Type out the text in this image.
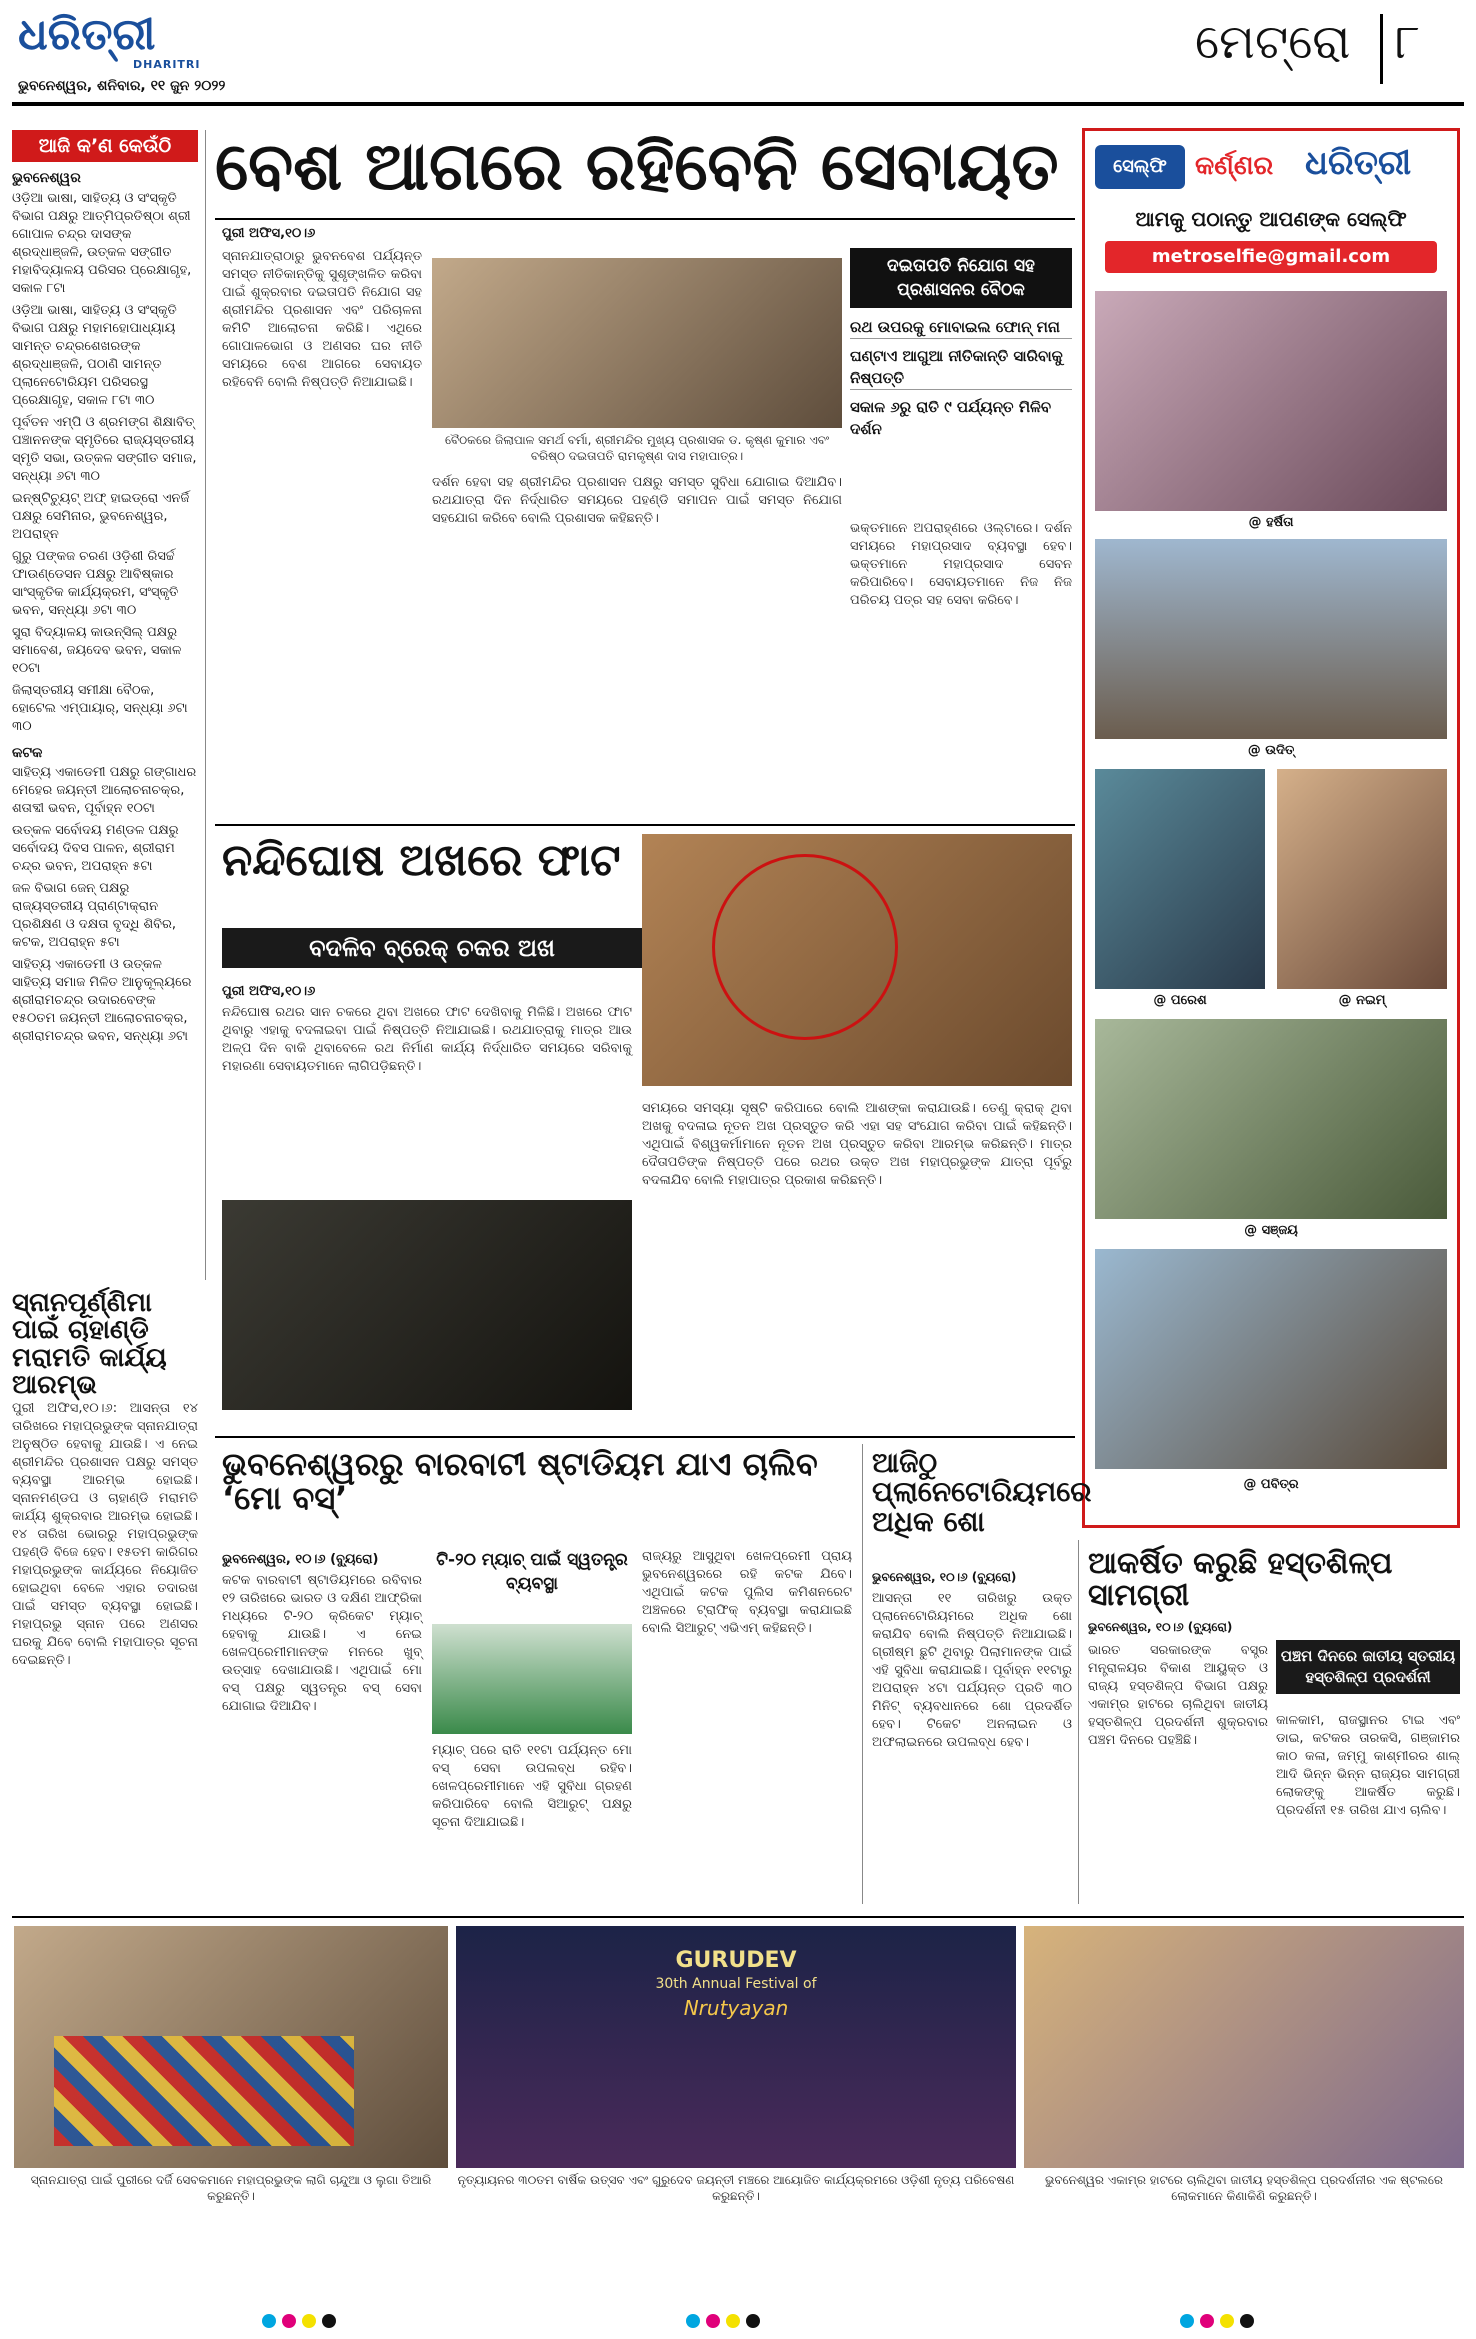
ଧରିତ୍ରୀ
DHARITRI
ଭୁବନେଶ୍ୱର, ଶନିବାର, ୧୧ ଜୁନ ୨୦୨୨
ମେଟ୍ରୋ ୮
ଆଜି କ’ଣ କେଉଁଠି
ଭୁବନେଶ୍ୱର
ଓଡ଼ିଆ ଭାଷା, ସାହିତ୍ୟ ଓ ସଂସ୍କୃତି ବିଭାଗ ପକ୍ଷରୁ ଆତ୍ମିପ୍ରତିଷ୍ଠା ଶ୍ରୀ ଗୋପାଳ ଚନ୍ଦ୍ର ଦାସଙ୍କ ଶ୍ରଦ୍ଧାଞ୍ଜଳି, ଉତ୍କଳ ସଙ୍ଗୀତ ମହାବିଦ୍ୟାଳୟ ପରିସର ପ୍ରେକ୍ଷାଗୃହ, ସକାଳ ୮ଟା
ଓଡ଼ିଆ ଭାଷା, ସାହିତ୍ୟ ଓ ସଂସ୍କୃତି ବିଭାଗ ପକ୍ଷରୁ ମହାମହୋପାଧ୍ୟାୟ ସାମନ୍ତ ଚନ୍ଦ୍ରଶେଖରଙ୍କ ଶ୍ରଦ୍ଧାଞ୍ଜଳି, ପଠାଣି ସାମନ୍ତ ପ୍ଲାନେଟୋରିୟମ ପରିସରସ୍ଥ ପ୍ରେକ୍ଷାଗୃହ, ସକାଳ ୮ଟା ୩୦
ପୂର୍ବତନ ଏମ୍‌ପି ଓ ଶ୍ରମଙ୍ଗ ଶିକ୍ଷାବିତ୍ ପଞ୍ଚାନନଙ୍କ ସ୍ମୃତିରେ ରାଜ୍ୟସ୍ତରୀୟ ସ୍ମୃତି ସଭା, ଉତ୍କଳ ସଙ୍ଗୀତ ସମାଜ, ସନ୍ଧ୍ୟା ୬ଟା ୩୦
ଇନ୍‌ଷ୍ଟିଚ୍ୟୁଟ୍ ଅଫ୍ ହାଇଡ୍ରୋ ଏନର୍ଜି ପକ୍ଷରୁ ସେମିନାର, ଭୁବନେଶ୍ୱର, ଅପରାହ୍ନ
ଗୁରୁ ପଙ୍କଜ ଚରଣ ଓଡ଼ିଶୀ ରିସର୍ଚ୍ଚ ଫାଉଣ୍ଡେସନ ପକ୍ଷରୁ ଆବିଷ୍କାର ସାଂସ୍କୃତିକ କାର୍ଯ୍ୟକ୍ରମ, ସଂସ୍କୃତି ଭବନ, ସନ୍ଧ୍ୟା ୬ଟା ୩୦
ସୁରା ବିଦ୍ୟାଳୟ କାଉନ୍‌ସିଲ୍ ପକ୍ଷରୁ ସମାବେଶ, ଜୟଦେବ ଭବନ, ସକାଳ ୧୦ଟା
ଜିଲାସ୍ତରୀୟ ସମୀକ୍ଷା ବୈଠକ, ହୋଟେଲ ଏମ୍ପାୟାର୍, ସନ୍ଧ୍ୟା ୬ଟା ୩୦
କଟକ
ସାହିତ୍ୟ ଏକାଡେମୀ ପକ୍ଷରୁ ଗଙ୍ଗାଧର ମେହେର ଜୟନ୍ତୀ ଆଲୋଚନାଚକ୍ର, ଶତାବ୍ଦୀ ଭବନ, ପୂର୍ବାହ୍ନ ୧୦ଟା
ଉତ୍କଳ ସର୍ବୋଦୟ ମଣ୍ଡଳ ପକ୍ଷରୁ ସର୍ବୋଦୟ ଦିବସ ପାଳନ, ଶ୍ରୀରାମ ଚନ୍ଦ୍ର ଭବନ, ଅପରାହ୍ନ ୫ଟା
ଜଳ ବିଭାଗ ଜେନ୍ ପକ୍ଷରୁ ରାଜ୍ୟସ୍ତରୀୟ ପ୍ରାଣ୍ଟାକ୍ରାନ ପ୍ରଶିକ୍ଷଣ ଓ ଦକ୍ଷତା ବୃଦ୍ଧି ଶିବିର, କଟକ, ଅପରାହ୍ନ ୫ଟା
ସାହିତ୍ୟ ଏକାଡେମୀ ଓ ଉତ୍କଳ ସାହିତ୍ୟ ସମାଜ ମିଳିତ ଆନୁକୂଲ୍ୟରେ ଶ୍ରୀରାମଚନ୍ଦ୍ର ଉଦାରବେଙ୍କ ୧୫୦ତମ ଜୟନ୍ତୀ ଆଲୋଚନାଚକ୍ର, ଶ୍ରୀରାମଚନ୍ଦ୍ର ଭବନ, ସନ୍ଧ୍ୟା ୬ଟା
ସ୍ନାନପୂର୍ଣ୍ଣିମା ପାଇଁ ଚାହାଣ୍ଡି ମରାମତି କାର୍ଯ୍ୟ ଆରମ୍ଭ
ପୁରୀ ଅଫିସ,୧୦।୬: ଆସନ୍ତା ୧୪ ତାରିଖରେ ମହାପ୍ରଭୁଙ୍କ ସ୍ନାନଯାତ୍ରା ଅନୁଷ୍ଠିତ ହେବାକୁ ଯାଉଛି। ଏ ନେଇ ଶ୍ରୀମନ୍ଦିର ପ୍ରଶାସନ ପକ୍ଷରୁ ସମସ୍ତ ବ୍ୟବସ୍ଥା ଆରମ୍ଭ ହୋଇଛି। ସ୍ନାନମଣ୍ଡପ ଓ ଚାହାଣ୍ଡି ମରାମତି କାର୍ଯ୍ୟ ଶୁକ୍ରବାର ଆରମ୍ଭ ହୋଇଛି। ୧୪ ତାରିଖ ଭୋରରୁ ମହାପ୍ରଭୁଙ୍କ ପହଣ୍ଡି ବିଜେ ହେବ। ୧୫ତମ କାରିଗର ମହାପ୍ରଭୁଙ୍କ କାର୍ଯ୍ୟରେ ନିୟୋଜିତ ହୋଇଥିବା ବେଳେ ଏହାର ତଦାରଖ ପାଇଁ ସମସ୍ତ ବ୍ୟବସ୍ଥା ହୋଇଛି। ମହାପ୍ରଭୁ ସ୍ନାନ ପରେ ଅଣସର ଘରକୁ ଯିବେ ବୋଲି ମହାପାତ୍ର ସୂଚନା ଦେଇଛନ୍ତି।
ବେଶ ଆଗରେ ରହିବେନି ସେବାୟତ
ପୁରୀ ଅଫିସ,୧୦।୬
ସ୍ନାନଯାତ୍ରାଠାରୁ ଭୁବନବେଶ ପର୍ଯ୍ୟନ୍ତ ସମସ୍ତ ନୀତିକାନ୍ତିକୁ ସୁଶୃଙ୍ଖଳିତ କରିବା ପାଇଁ ଶୁକ୍ରବାର ଦଇତାପତି ନିଯୋଗ ସହ ଶ୍ରୀମନ୍ଦିର ପ୍ରଶାସନ ଏବଂ ପରିଚାଳନା କମିଟି ଆଲୋଚନା କରିଛି। ଏଥିରେ ଗୋପାଳଭୋଗ ଓ ଅଣସର ଘର ନୀତି ସମୟରେ ବେଶ ଆଗରେ ସେବାୟତ ରହିବେନି ବୋଲି ନିଷ୍ପତ୍ତି ନିଆଯାଇଛି।
ବୈଠକରେ ଜିଲାପାଳ ସମର୍ଥ ବର୍ମା, ଶ୍ରୀମନ୍ଦିର ମୁଖ୍ୟ ପ୍ରଶାସକ ଡ. କୃଷ୍ଣ କୁମାର ଏବଂ ବରିଷ୍ଠ ଦଇତାପତି ରାମକୃଷ୍ଣ ଦାସ ମହାପାତ୍ର।
ଦର୍ଶନ ହେବା ସହ ଶ୍ରୀମନ୍ଦିର ପ୍ରଶାସନ ପକ୍ଷରୁ ସମସ୍ତ ସୁବିଧା ଯୋଗାଇ ଦିଆଯିବ। ରଥଯାତ୍ରା ଦିନ ନିର୍ଦ୍ଧାରିତ ସମୟରେ ପହଣ୍ଡି ସମାପନ ପାଇଁ ସମସ୍ତ ନିଯୋଗ ସହଯୋଗ କରିବେ ବୋଲି ପ୍ରଶାସକ କହିଛନ୍ତି।
ଦଇତାପତି ନିଯୋଗ ସହ ପ୍ରଶାସନର ବୈଠକ
ରଥ ଉପରକୁ ମୋବାଇଲ ଫୋନ୍ ମନା
ଘଣ୍ଟାଏ ଆଗୁଆ ନୀତିକାନ୍ତି ସାରିବାକୁ ନିଷ୍ପତ୍ତି
ସକାଳ ୬ରୁ ରାତି ୯ ପର୍ଯ୍ୟନ୍ତ ମିଳିବ ଦର୍ଶନ
ଭକ୍ତମାନେ ଅପରାହ୍ଣରେ ଓଲ୍ଟାରେ। ଦର୍ଶନ ସମୟରେ ମହାପ୍ରସାଦ ବ୍ୟବସ୍ଥା ହେବ। ଭକ୍ତମାନେ ମହାପ୍ରସାଦ ସେବନ କରିପାରିବେ। ସେବାୟତମାନେ ନିଜ ନିଜ ପରିଚୟ ପତ୍ର ସହ ସେବା କରିବେ।
ନନ୍ଦିଘୋଷ ଅଖରେ ଫାଟ
ବଦଳିବ ବ୍ରେକ୍ ଚକର ଅଖ
ପୁରୀ ଅଫିସ,୧୦।୬
ନନ୍ଦିଘୋଷ ରଥର ସାନ ଚକରେ ଥିବା ଅଖରେ ଫାଟ ଦେଖିବାକୁ ମିଳିଛି। ଅଖରେ ଫାଟ ଥିବାରୁ ଏହାକୁ ବଦଳାଇବା ପାଇଁ ନିଷ୍ପତ୍ତି ନିଆଯାଇଛି। ରଥଯାତ୍ରାକୁ ମାତ୍ର ଆଉ ଅଳ୍ପ ଦିନ ବାକି ଥିବାବେଳେ ରଥ ନିର୍ମାଣ କାର୍ଯ୍ୟ ନିର୍ଦ୍ଧାରିତ ସମୟରେ ସରିବାକୁ ମହାରଣା ସେବାୟତମାନେ ଲାଗିପଡ଼ିଛନ୍ତି।
ସମୟରେ ସମସ୍ୟା ସୃଷ୍ଟି କରିପାରେ ବୋଲି ଆଶଙ୍କା କରାଯାଉଛି। ତେଣୁ କ୍ରାକ୍ ଥିବା ଅଖକୁ ବଦଳାଇ ନୂତନ ଅଖ ପ୍ରସ୍ତୁତ କରି ଏହା ସହ ସଂଯୋଗ କରିବା ପାଇଁ କହିଛନ୍ତି। ଏଥିପାଇଁ ବିଶ୍ୱକର୍ମାମାନେ ନୂତନ ଅଖ ପ୍ରସ୍ତୁତ କରିବା ଆରମ୍ଭ କରିଛନ୍ତି। ମାତ୍ର ଦୈତାପତିଙ୍କ ନିଷ୍ପତ୍ତି ପରେ ରଥର ଉକ୍ତ ଅଖ ମହାପ୍ରଭୁଙ୍କ ଯାତ୍ରା ପୂର୍ବରୁ ବଦଳାଯିବ ବୋଲି ମହାପାତ୍ର ପ୍ରକାଶ କରିଛନ୍ତି।
ସେଲ୍ଫି	କର୍ଣ୍ଣର ଧରିତ୍ରୀ
ଆମକୁ ପଠାନ୍ତୁ ଆପଣଙ୍କ ସେଲ୍ଫି
metroselfie@gmail.com
@ ହର୍ଷିତା
@ ଉଦିତ୍
@ ପରେଶ	@ ନଇମ୍
@ ସଞ୍ଜୟ
@ ପବିତ୍ର
ଭୁବନେଶ୍ୱରରୁ ବାରବାଟୀ ଷ୍ଟାଡିୟମ ଯାଏ ଚାଲିବ ‘ମୋ ବସ୍’
ଭୁବନେଶ୍ୱର, ୧୦।୬ (ବ୍ୟୁରୋ)
କଟକ ବାରବାଟୀ ଷ୍ଟାଡିୟମରେ ରବିବାର ୧୨ ତାରିଖରେ ଭାରତ ଓ ଦକ୍ଷିଣ ଆଫ୍ରିକା ମଧ୍ୟରେ ଟି-୨୦ କ୍ରିକେଟ ମ୍ୟାଚ୍ ହେବାକୁ ଯାଉଛି। ଏ ନେଇ ଖେଳପ୍ରେମୀମାନଙ୍କ ମନରେ ଖୁବ୍ ଉତ୍ସାହ ଦେଖାଯାଉଛି। ଏଥିପାଇଁ ମୋ ବସ୍ ପକ୍ଷରୁ ସ୍ୱତନ୍ତ୍ର ବସ୍ ସେବା ଯୋଗାଇ ଦିଆଯିବ।
ଟି-୨୦ ମ୍ୟାଚ୍ ପାଇଁ ସ୍ୱତନ୍ତ୍ର ବ୍ୟବସ୍ଥା
ମ୍ୟାଚ୍ ପରେ ରାତି ୧୧ଟା ପର୍ଯ୍ୟନ୍ତ ମୋ ବସ୍ ସେବା ଉପଲବ୍ଧ ରହିବ। ଖେଳପ୍ରେମୀମାନେ ଏହି ସୁବିଧା ଗ୍ରହଣ କରିପାରିବେ ବୋଲି ସିଆରୁଟ୍ ପକ୍ଷରୁ ସୂଚନା ଦିଆଯାଇଛି।
ରାଜ୍ୟରୁ ଆସୁଥିବା ଖେଳପ୍ରେମୀ ପ୍ରାୟ ଭୁବନେଶ୍ୱରରେ ରହି କଟକ ଯିବେ। ଏଥିପାଇଁ କଟକ ପୁଲିସ କମିଶନରେଟ ଅଞ୍ଚଳରେ ଟ୍ରାଫିକ୍ ବ୍ୟବସ୍ଥା କରାଯାଇଛି ବୋଲି ସିଆରୁଟ୍ ଏଭିଏମ୍ କହିଛନ୍ତି।
ଆଜିଠୁ ପ୍ଲାନେଟୋରିୟମରେ ଅଧିକ ଶୋ
ଭୁବନେଶ୍ୱର, ୧୦।୬ (ବ୍ୟୁରୋ)
ଆସନ୍ତା ୧୧ ତାରିଖରୁ ଉକ୍ତ ପ୍ଲାନେଟୋରିୟମରେ ଅଧିକ ଶୋ କରାଯିବ ବୋଲି ନିଷ୍ପତ୍ତି ନିଆଯାଇଛି। ଗ୍ରୀଷ୍ମ ଛୁଟି ଥିବାରୁ ପିଲାମାନଙ୍କ ପାଇଁ ଏହି ସୁବିଧା କରାଯାଇଛି। ପୂର୍ବାହ୍ନ ୧୧ଟାରୁ ଅପରାହ୍ନ ୪ଟା ପର୍ଯ୍ୟନ୍ତ ପ୍ରତି ୩୦ ମିନିଟ୍ ବ୍ୟବଧାନରେ ଶୋ ପ୍ରଦର୍ଶିତ ହେବ। ଟିକେଟ ଅନଲାଇନ ଓ ଅଫଲାଇନରେ ଉପଲବ୍ଧ ହେବ।
ଆକର୍ଷିତ କରୁଛି ହସ୍ତଶିଳ୍ପ ସାମଗ୍ରୀ
ଭୁବନେଶ୍ୱର, ୧୦।୬ (ବ୍ୟୁରୋ)
ଭାରତ ସରକାରଙ୍କ ବସ୍ତ୍ର ମନ୍ତ୍ରାଳୟର ବିକାଶ ଆୟୁକ୍ତ ଓ ରାଜ୍ୟ ହସ୍ତଶିଳ୍ପ ବିଭାଗ ପକ୍ଷରୁ ଏକାମ୍ର ହାଟରେ ଚାଲିଥିବା ଜାତୀୟ ହସ୍ତଶିଳ୍ପ ପ୍ରଦର୍ଶନୀ ଶୁକ୍ରବାର ପଞ୍ଚମ ଦିନରେ ପହଞ୍ଚିଛି।
ପଞ୍ଚମ ଦିନରେ ଜାତୀୟ ସ୍ତରୀୟ ହସ୍ତଶିଳ୍ପ ପ୍ରଦର୍ଶନୀ
କାଳକାମ, ରାଜସ୍ଥାନର ଟାଇ ଏବଂ ଡାଇ, କଟକର ତାରକସି, ଗଞ୍ଜାମର କାଠ କଳା, ଜମ୍ମୁ କାଶ୍ମୀରର ଶାଲ୍ ଆଦି ଭିନ୍ନ ଭିନ୍ନ ରାଜ୍ୟର ସାମଗ୍ରୀ ଲୋକଙ୍କୁ ଆକର୍ଷିତ କରୁଛି। ପ୍ରଦର୍ଶନୀ ୧୫ ତାରିଖ ଯାଏ ଚାଲିବ।
ସ୍ନାନଯାତ୍ରା ପାଇଁ ପୁରୀରେ ଦର୍ଜି ସେବକମାନେ ମହାପ୍ରଭୁଙ୍କ ଲାଗି ଚାନ୍ଦୁଆ ଓ ଲୁଗା ତିଆରି କରୁଛନ୍ତି।
GURUDEV
30th Annual Festival of
Nrutyayan
ନୃତ୍ୟାୟନର ୩୦ତମ ବାର୍ଷିକ ଉତ୍ସବ ଏବଂ ଗୁରୁଦେବ ଜୟନ୍ତୀ ମଞ୍ଚରେ ଆୟୋଜିତ କାର୍ଯ୍ୟକ୍ରମରେ ଓଡ଼ିଶୀ ନୃତ୍ୟ ପରିବେଷଣ କରୁଛନ୍ତି।
ଭୁବନେଶ୍ୱର ଏକାମ୍ର ହାଟରେ ଚାଲିଥିବା ଜାତୀୟ ହସ୍ତଶିଳ୍ପ ପ୍ରଦର୍ଶନୀର ଏକ ଷ୍ଟଲରେ ଲୋକମାନେ କିଣାକିଣି କରୁଛନ୍ତି।
